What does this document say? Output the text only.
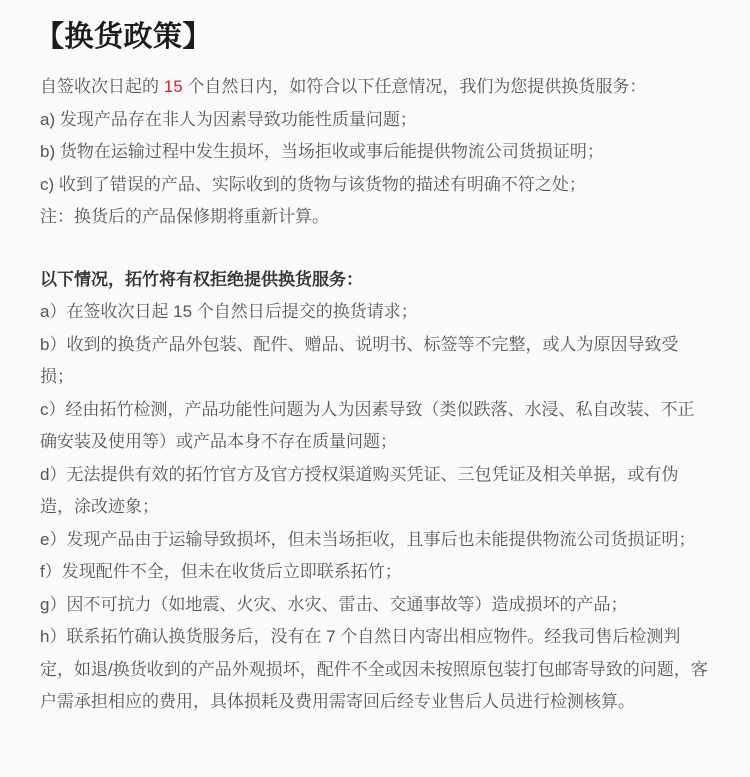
【换货政策】

自签收次日起的 15 个自然日内，如符合以下任意情况，我们为您提供换货服务：

a) 发现产品存在非人为因素导致功能性质量问题；
b) 货物在运输过程中发生损坏，当场拒收或事后能提供物流公司货损证明；
c) 收到了错误的产品、实际收到的货物与该货物的描述有明确不符之处；
注：换货后的产品保修期将重新计算。

以下情况，拓竹将有权拒绝提供换货服务：

a）在签收次日起 15 个自然日后提交的换货请求；
b）收到的换货产品外包装、配件、赠品、说明书、标签等不完整，或人为原因导致受损；
c）经由拓竹检测，产品功能性问题为人为因素导致（类似跌落、水浸、私自改装、不正确安装及使用等）或产品本身不存在质量问题；
d）无法提供有效的拓竹官方及官方授权渠道购买凭证、三包凭证及相关单据，或有伪造，涂改迹象；
e）发现产品由于运输导致损坏，但未当场拒收，且事后也未能提供物流公司货损证明；
f）发现配件不全，但未在收货后立即联系拓竹；
g）因不可抗力（如地震、火灾、水灾、雷击、交通事故等）造成损坏的产品；
h）联系拓竹确认换货服务后，没有在 7 个自然日内寄出相应物件。经我司售后检测判定，如退/换货收到的产品外观损坏，配件不全或因未按照原包装打包邮寄导致的问题，客户需承担相应的费用，具体损耗及费用需寄回后经专业售后人员进行检测核算。
